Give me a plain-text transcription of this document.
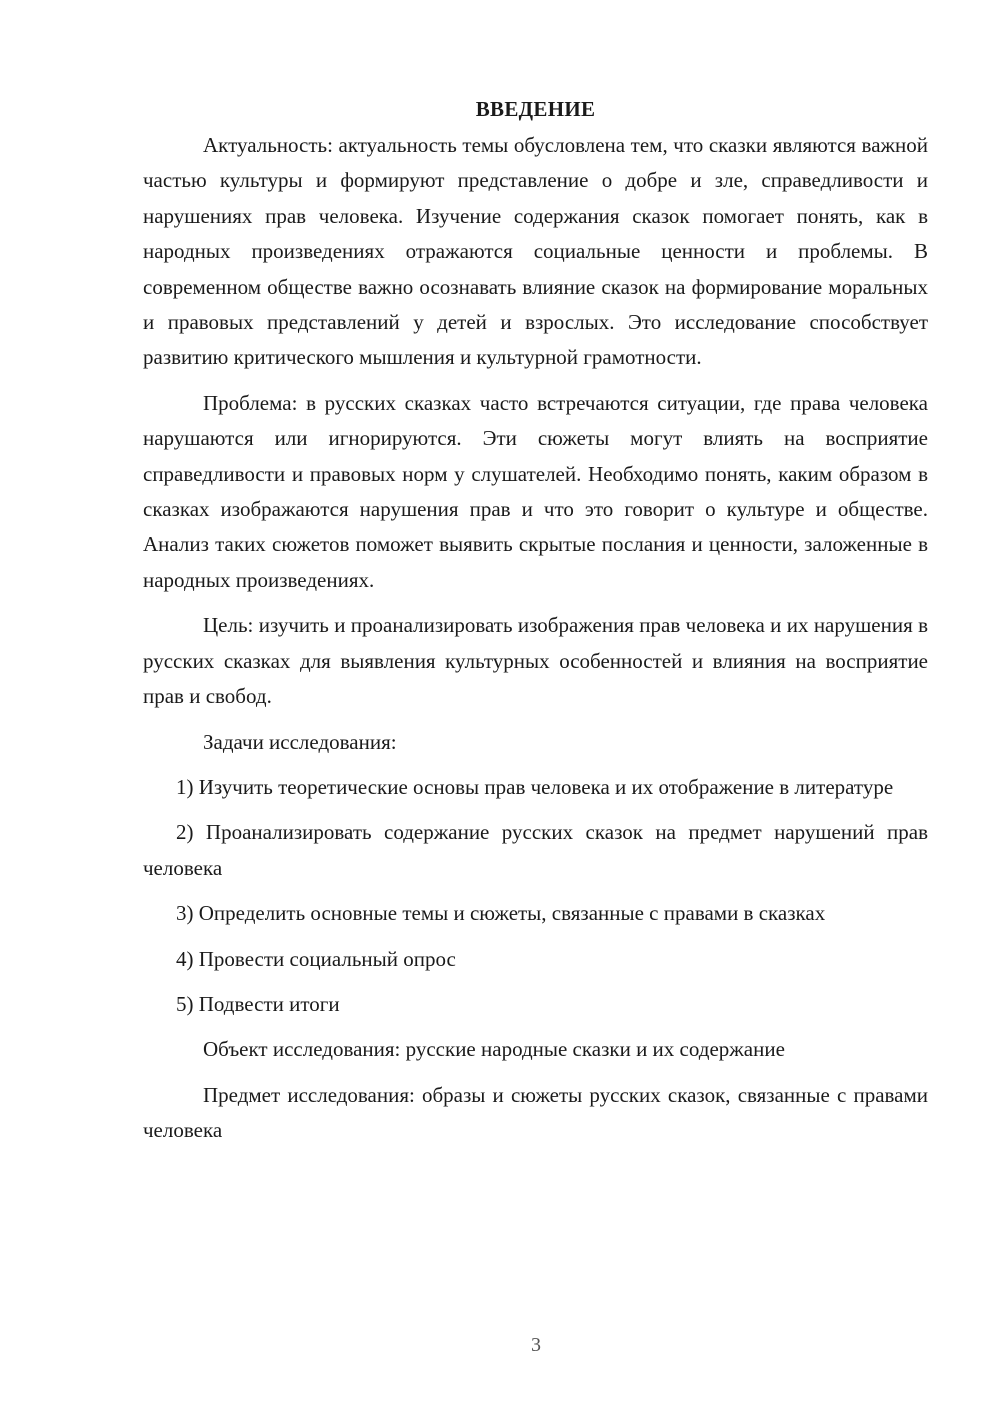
ВВЕДЕНИЕ

Актуальность: актуальность темы обусловлена тем, что сказки являются важной частью культуры и формируют представление о добре и зле, справедливости и нарушениях прав человека. Изучение содержания сказок помогает понять, как в народных произведениях отражаются социальные ценности и проблемы. В современном обществе важно осознавать влияние сказок на формирование моральных и правовых представлений у детей и взрослых. Это исследование способствует развитию критического мышления и культурной грамотности.

Проблема: в русских сказках часто встречаются ситуации, где права человека нарушаются или игнорируются. Эти сюжеты могут влиять на восприятие справедливости и правовых норм у слушателей. Необходимо понять, каким образом в сказках изображаются нарушения прав и что это говорит о культуре и обществе. Анализ таких сюжетов поможет выявить скрытые послания и ценности, заложенные в народных произведениях.

Цель: изучить и проанализировать изображения прав человека и их нарушения в русских сказках для выявления культурных особенностей и влияния на восприятие прав и свобод.

Задачи исследования:

1) Изучить теоретические основы прав человека и их отображение в литературе

2) Проанализировать содержание русских сказок на предмет нарушений прав человека

3) Определить основные темы и сюжеты, связанные с правами в сказках

4) Провести социальный опрос

5) Подвести итоги

Объект исследования: русские народные сказки и их содержание

Предмет исследования: образы и сюжеты русских сказок, связанные с правами человека

3
